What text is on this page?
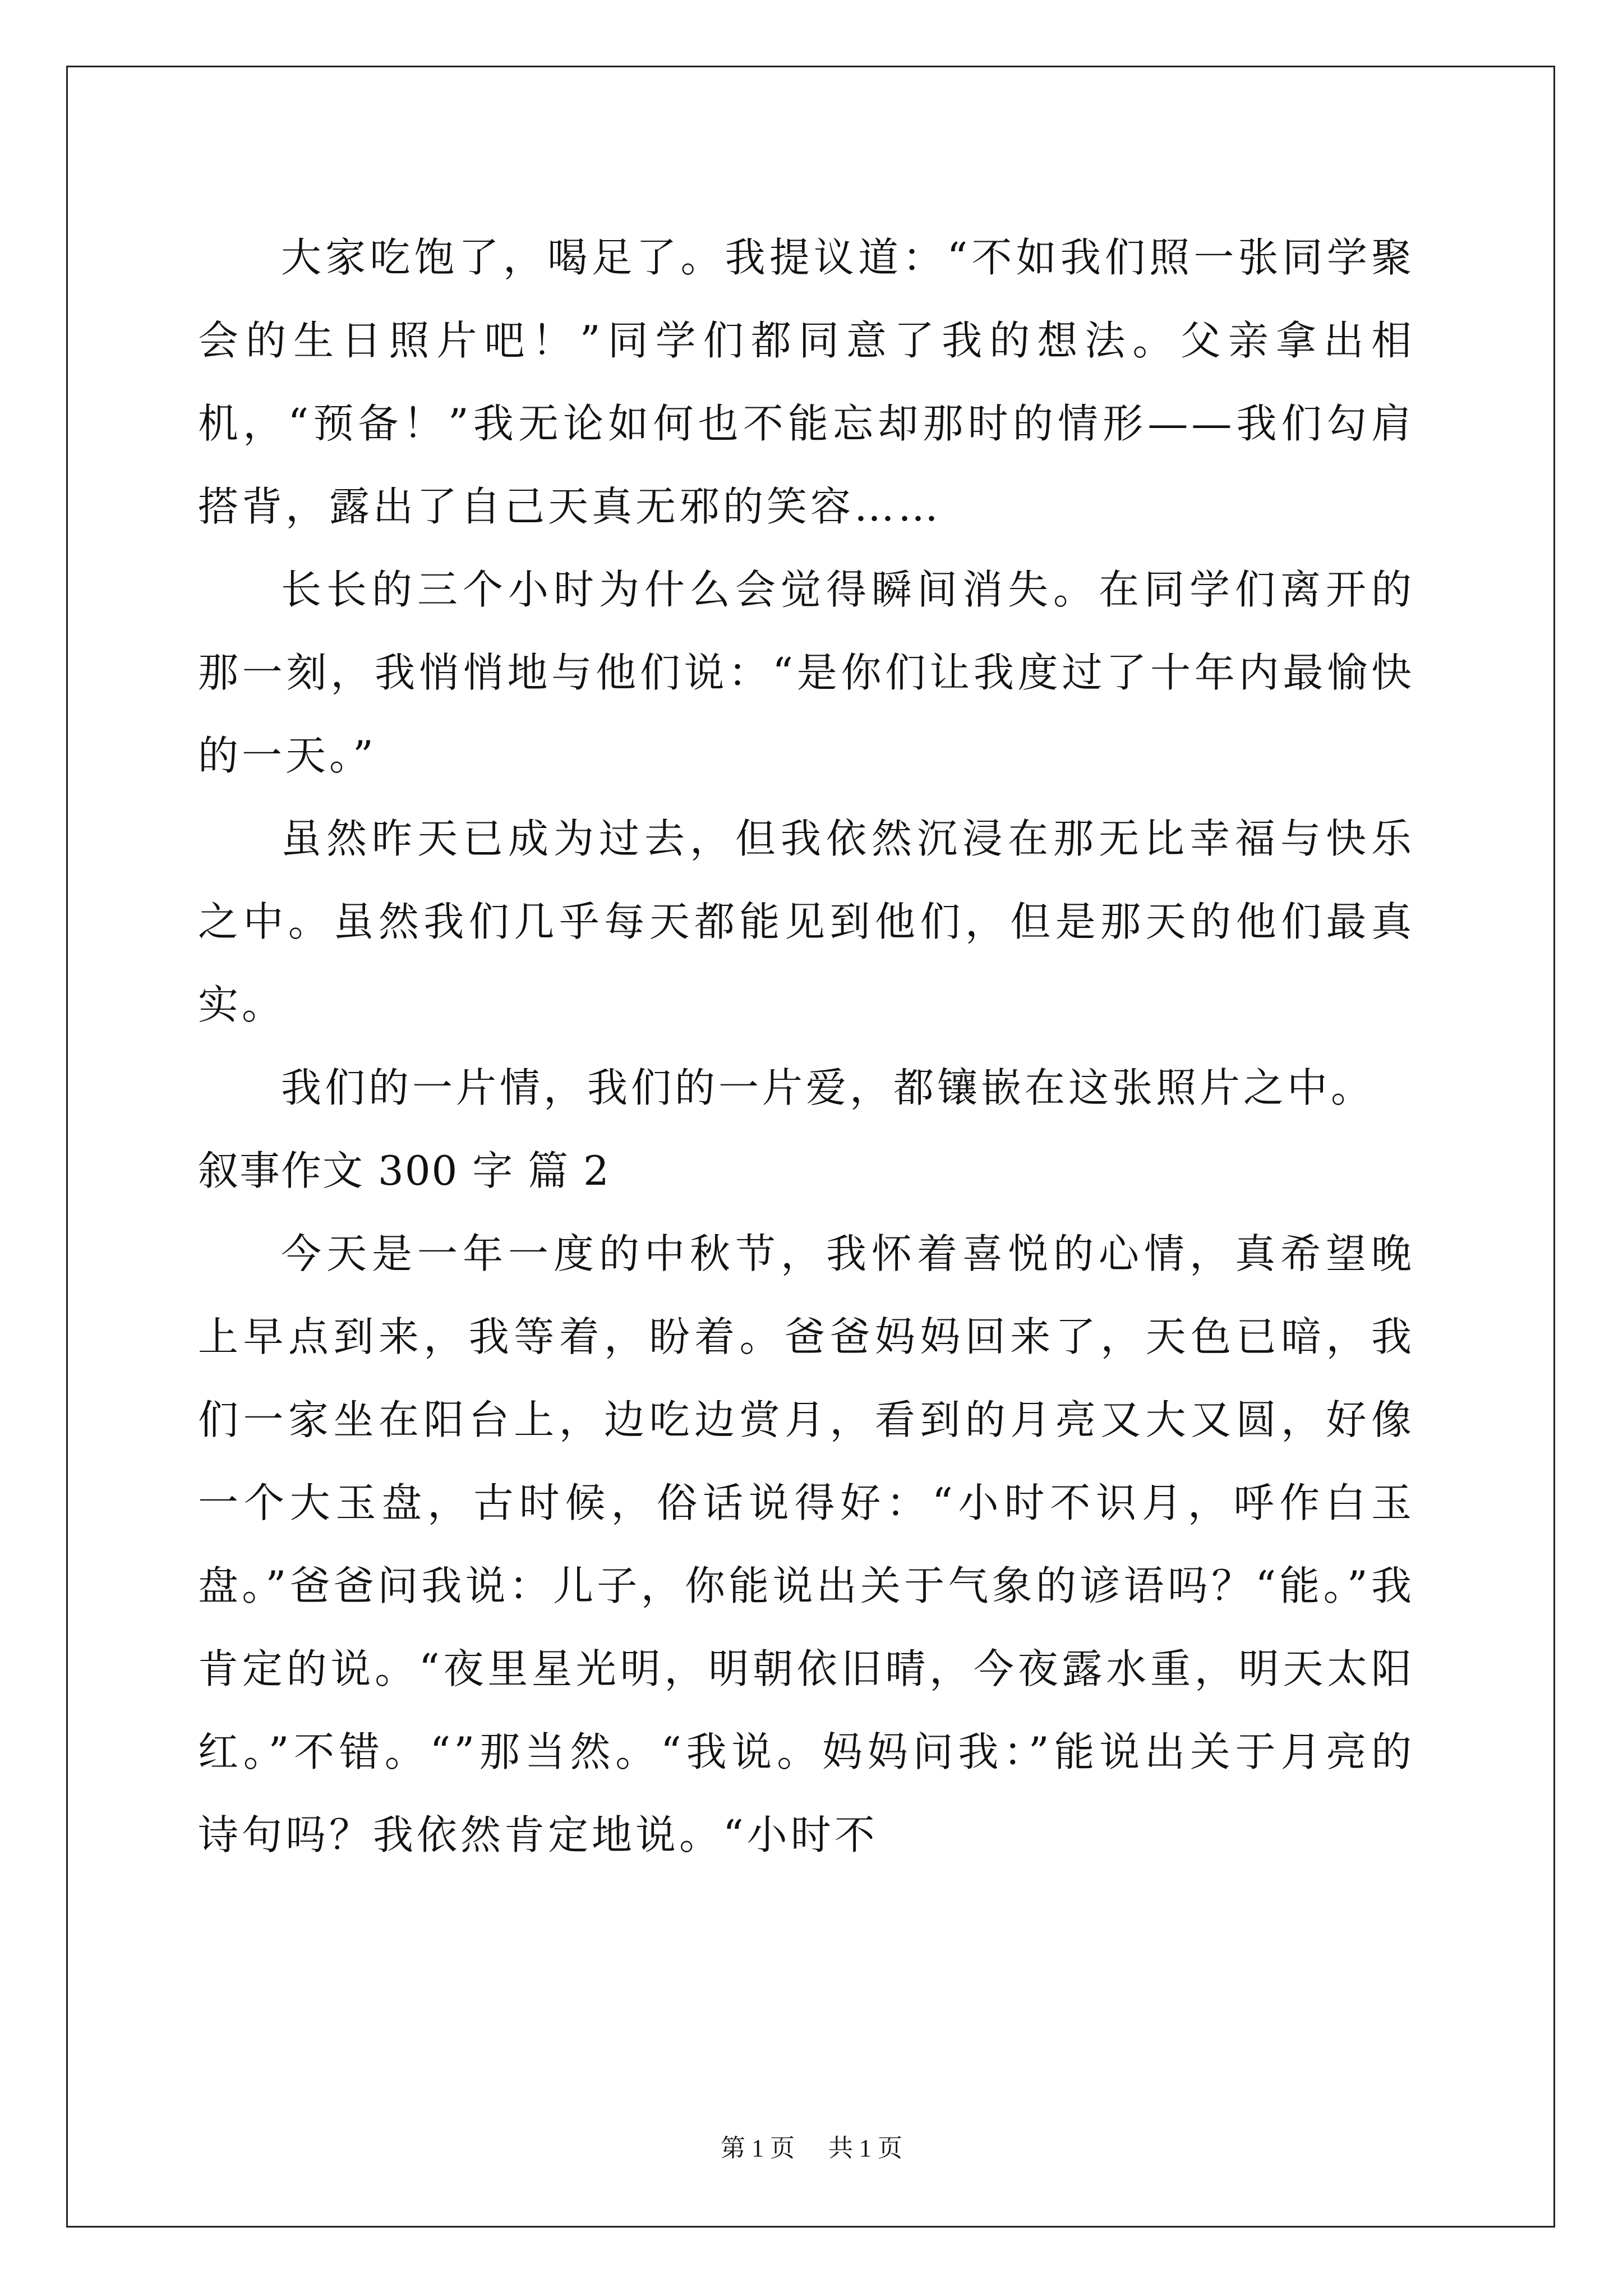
大家吃饱了，喝足了。我提议道：“不如我们照一张同学聚会的生日照片吧！”同学们都同意了我的想法。父亲拿出相机，“预备！”我无论如何也不能忘却那时的情形——我们勾肩搭背，露出了自己天真无邪的笑容……

长长的三个小时为什么会觉得瞬间消失。在同学们离开的那一刻，我悄悄地与他们说：“是你们让我度过了十年内最愉快的一天。”

虽然昨天已成为过去，但我依然沉浸在那无比幸福与快乐之中。虽然我们几乎每天都能见到他们，但是那天的他们最真实。

我们的一片情，我们的一片爱，都镶嵌在这张照片之中。

叙事作文 300 字 篇 2

今天是一年一度的中秋节，我怀着喜悦的心情，真希望晚上早点到来，我等着，盼着。爸爸妈妈回来了，天色已暗，我们一家坐在阳台上，边吃边赏月，看到的月亮又大又圆，好像一个大玉盘，古时候，俗话说得好：“小时不识月，呼作白玉盘。”爸爸问我说：儿子，你能说出关于气象的谚语吗？“能。”我肯定的说。“夜里星光明，明朝依旧晴，今夜露水重，明天太阳红。”不错。“”那当然。“我说。妈妈问我：”能说出关于月亮的诗句吗？我依然肯定地说。“小时不

第 1 页 共 1 页
